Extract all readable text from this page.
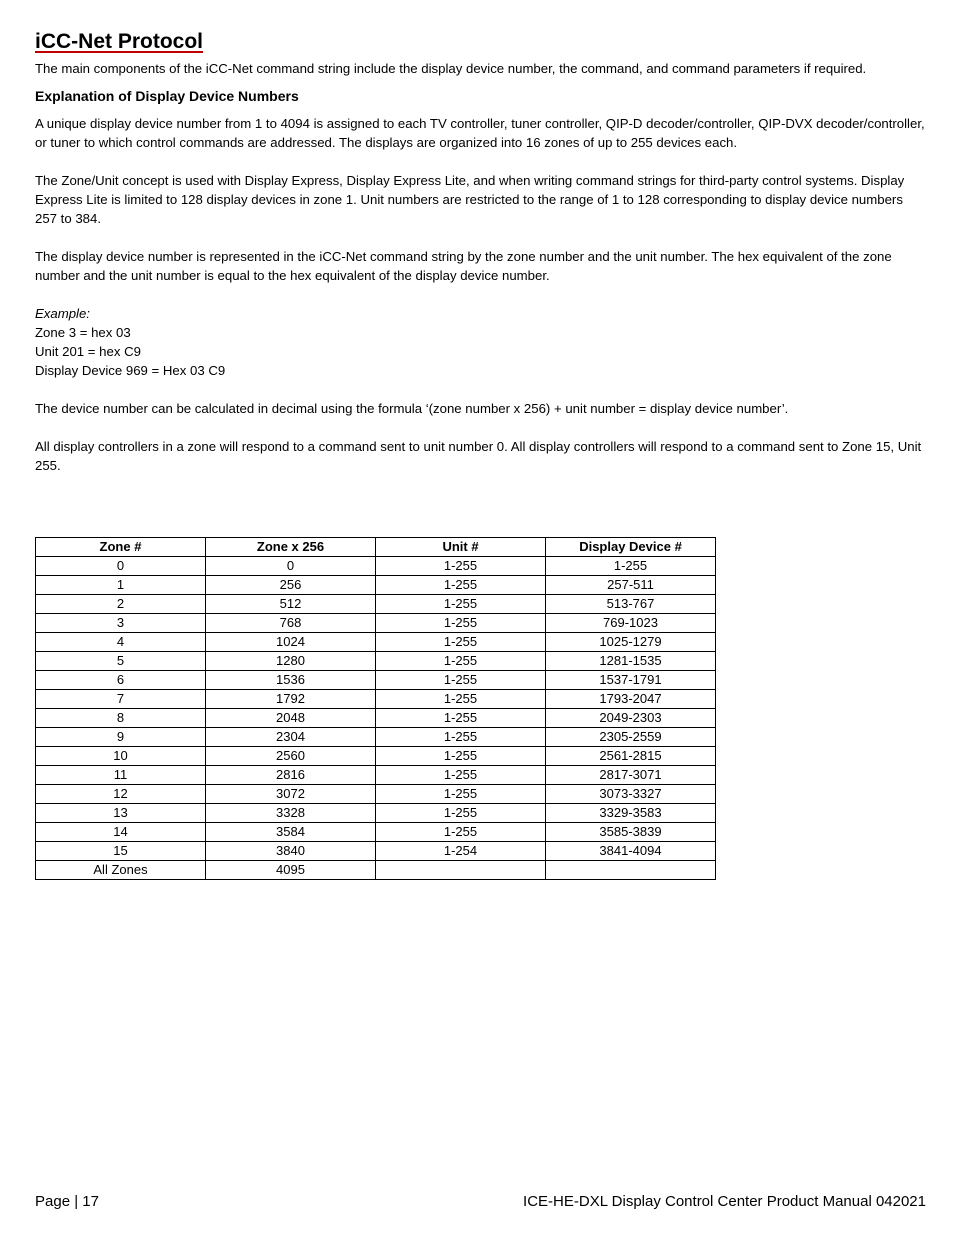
iCC-Net Protocol

The main components of the iCC-Net command string include the display device number, the command, and command parameters if required.

Explanation of Display Device Numbers

A unique display device number from 1 to 4094 is assigned to each TV controller, tuner controller, QIP-D decoder/controller, QIP-DVX decoder/controller, or tuner to which control commands are addressed. The displays are organized into 16 zones of up to 255 devices each.

The Zone/Unit concept is used with Display Express, Display Express Lite, and when writing command strings for third-party control systems. Display Express Lite is limited to 128 display devices in zone 1. Unit numbers are restricted to the range of 1 to 128 corresponding to display device numbers 257 to 384.

The display device number is represented in the iCC-Net command string by the zone number and the unit number. The hex equivalent of the zone number and the unit number is equal to the hex equivalent of the display device number.

Example:

Zone 3 = hex 03

Unit 201 = hex C9

Display Device 969 = Hex 03 C9

The device number can be calculated in decimal using the formula ‘(zone number x 256) + unit number = display device number’.

All display controllers in a zone will respond to a command sent to unit number 0. All display controllers will respond to a command sent to Zone 15, Unit 255.

Zone #	Zone x 256	Unit #	Display Device #
0	0	1-255	1-255
1	256	1-255	257-511
2	512	1-255	513-767
3	768	1-255	769-1023
4	1024	1-255	1025-1279
5	1280	1-255	1281-1535
6	1536	1-255	1537-1791
7	1792	1-255	1793-2047
8	2048	1-255	2049-2303
9	2304	1-255	2305-2559
10	2560	1-255	2561-2815
11	2816	1-255	2817-3071
12	3072	1-255	3073-3327
13	3328	1-255	3329-3583
14	3584	1-255	3585-3839
15	3840	1-254	3841-4094
All Zones	4095		
Page | 17	ICE-HE-DXL Display Control Center Product Manual 042021
